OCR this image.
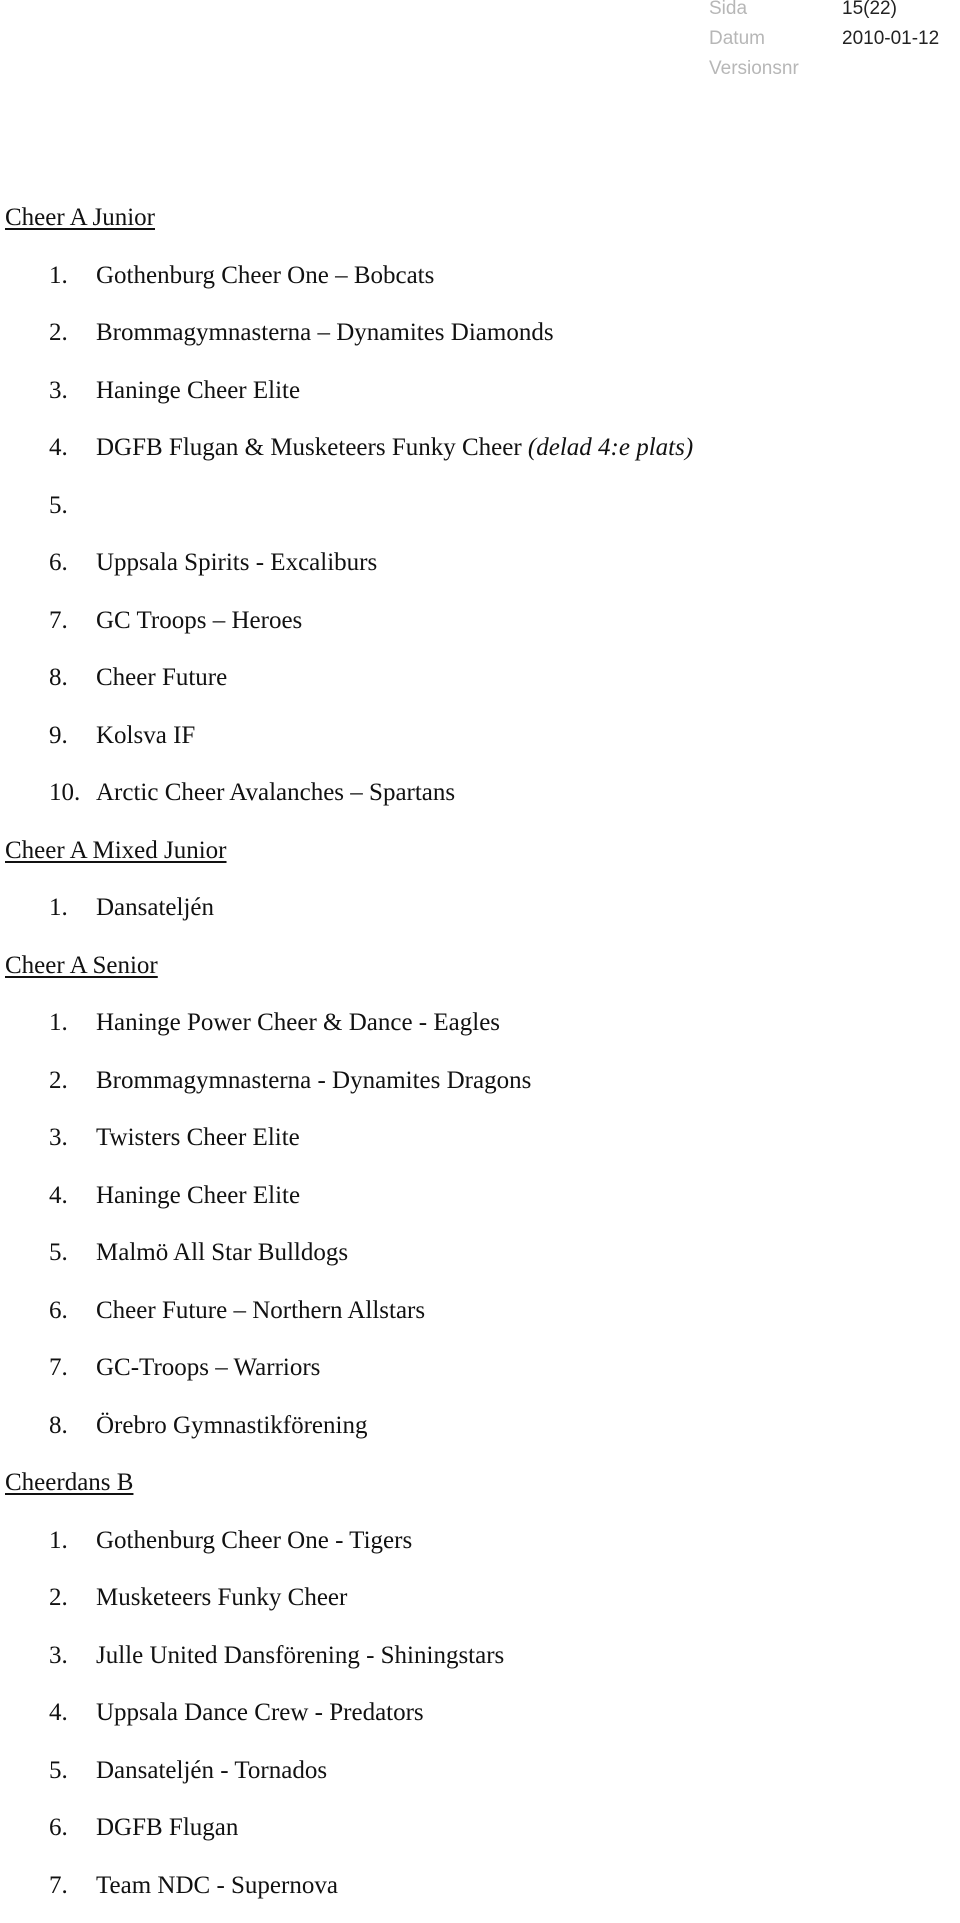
Sida	15(22)
Datum	2010-01-12
Versionsnr
Cheer A Junior
1. Gothenburg Cheer One – Bobcats
2. Brommagymnasterna – Dynamites Diamonds
3. Haninge Cheer Elite
4. DGFB Flugan & Musketeers Funky Cheer (delad 4:e plats)
5.
6. Uppsala Spirits - Excaliburs
7. GC Troops – Heroes
8. Cheer Future
9. Kolsva IF
10. Arctic Cheer Avalanches – Spartans
Cheer A Mixed Junior
1. Dansateljén
Cheer A Senior
1. Haninge Power Cheer & Dance - Eagles
2. Brommagymnasterna - Dynamites Dragons
3. Twisters Cheer Elite
4. Haninge Cheer Elite
5. Malmö All Star Bulldogs
6. Cheer Future – Northern Allstars
7. GC-Troops – Warriors
8. Örebro Gymnastikförening
Cheerdans B
1. Gothenburg Cheer One - Tigers
2. Musketeers Funky Cheer
3. Julle United Dansförening - Shiningstars
4. Uppsala Dance Crew - Predators
5. Dansateljén - Tornados
6. DGFB Flugan
7. Team NDC - Supernova
